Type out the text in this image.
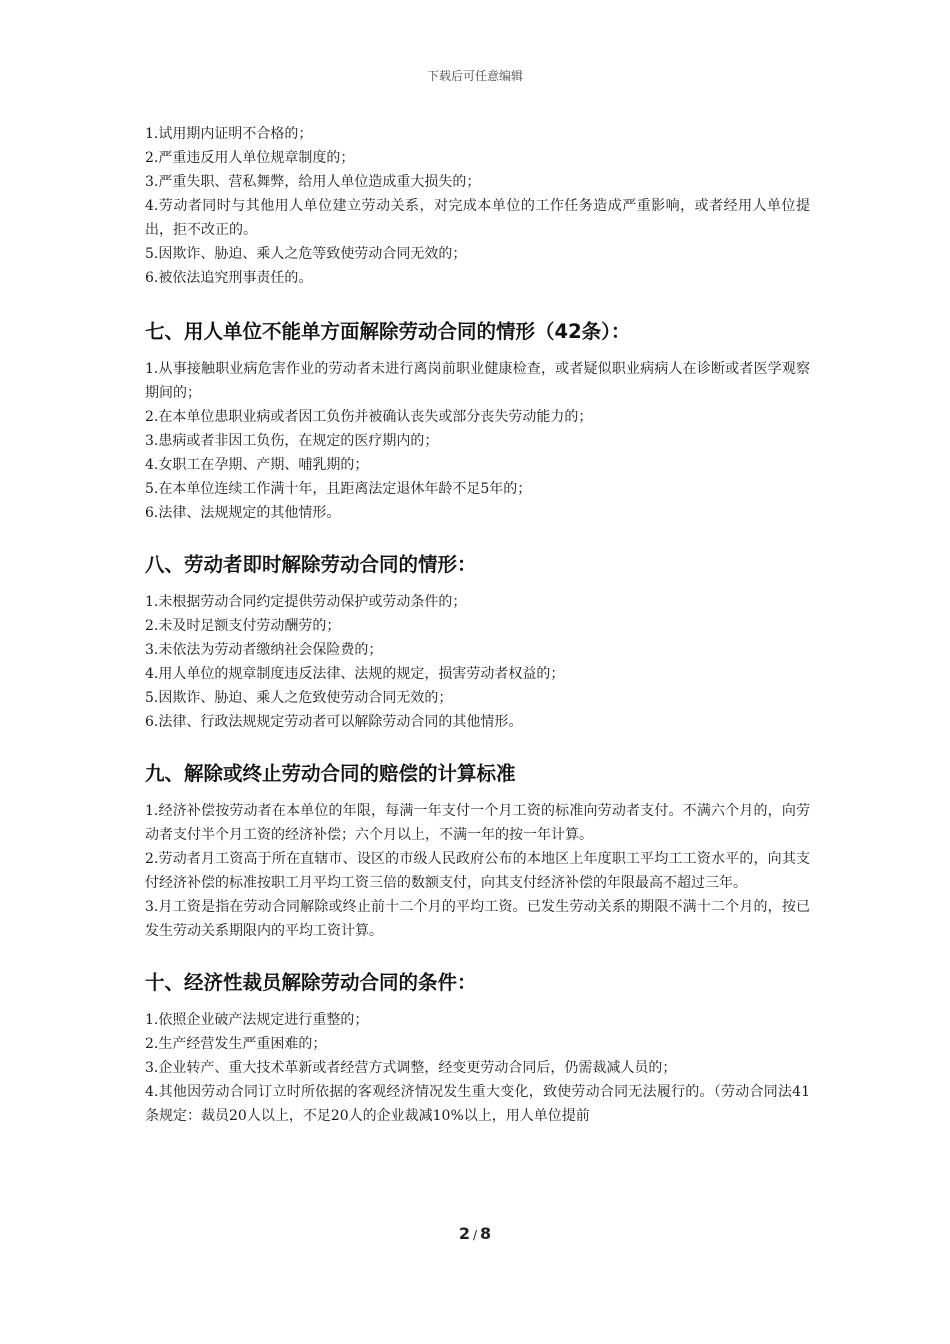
下载后可任意编辑

1.试用期内证明不合格的；

2.严重违反用人单位规章制度的；

3.严重失职、营私舞弊，给用人单位造成重大损失的；

4.劳动者同时与其他用人单位建立劳动关系，对完成本单位的工作任务造成严重影响，或者经用人单位提出，拒不改正的。

5.因欺诈、胁迫、乘人之危等致使劳动合同无效的；

6.被依法追究刑事责任的。

七、用人单位不能单方面解除劳动合同的情形（42条）：

1.从事接触职业病危害作业的劳动者未进行离岗前职业健康检查，或者疑似职业病病人在诊断或者医学观察期间的；

2.在本单位患职业病或者因工负伤并被确认丧失或部分丧失劳动能力的；

3.患病或者非因工负伤，在规定的医疗期内的；

4.女职工在孕期、产期、哺乳期的；

5.在本单位连续工作满十年，且距离法定退休年龄不足5年的；

6.法律、法规规定的其他情形。

八、劳动者即时解除劳动合同的情形：

1.未根据劳动合同约定提供劳动保护或劳动条件的；

2.未及时足额支付劳动酬劳的；

3.未依法为劳动者缴纳社会保险费的；

4.用人单位的规章制度违反法律、法规的规定，损害劳动者权益的；

5.因欺诈、胁迫、乘人之危致使劳动合同无效的；

6.法律、行政法规规定劳动者可以解除劳动合同的其他情形。

九、解除或终止劳动合同的赔偿的计算标准

1.经济补偿按劳动者在本单位的年限，每满一年支付一个月工资的标准向劳动者支付。不满六个月的，向劳动者支付半个月工资的经济补偿；六个月以上，不满一年的按一年计算。

2.劳动者月工资高于所在直辖市、设区的市级人民政府公布的本地区上年度职工平均工工资水平的，向其支付经济补偿的标准按职工月平均工资三倍的数额支付，向其支付经济补偿的年限最高不超过三年。

3.月工资是指在劳动合同解除或终止前十二个月的平均工资。已发生劳动关系的期限不满十二个月的，按已发生劳动关系期限内的平均工资计算。

十、经济性裁员解除劳动合同的条件：

1.依照企业破产法规定进行重整的；

2.生产经营发生严重困难的；

3.企业转产、重大技术革新或者经营方式调整，经变更劳动合同后，仍需裁减人员的；

4.其他因劳动合同订立时所依据的客观经济情况发生重大变化，致使劳动合同无法履行的。（劳动合同法41条规定：裁员20人以上，不足20人的企业裁减10%以上，用人单位提前

2 / 8
